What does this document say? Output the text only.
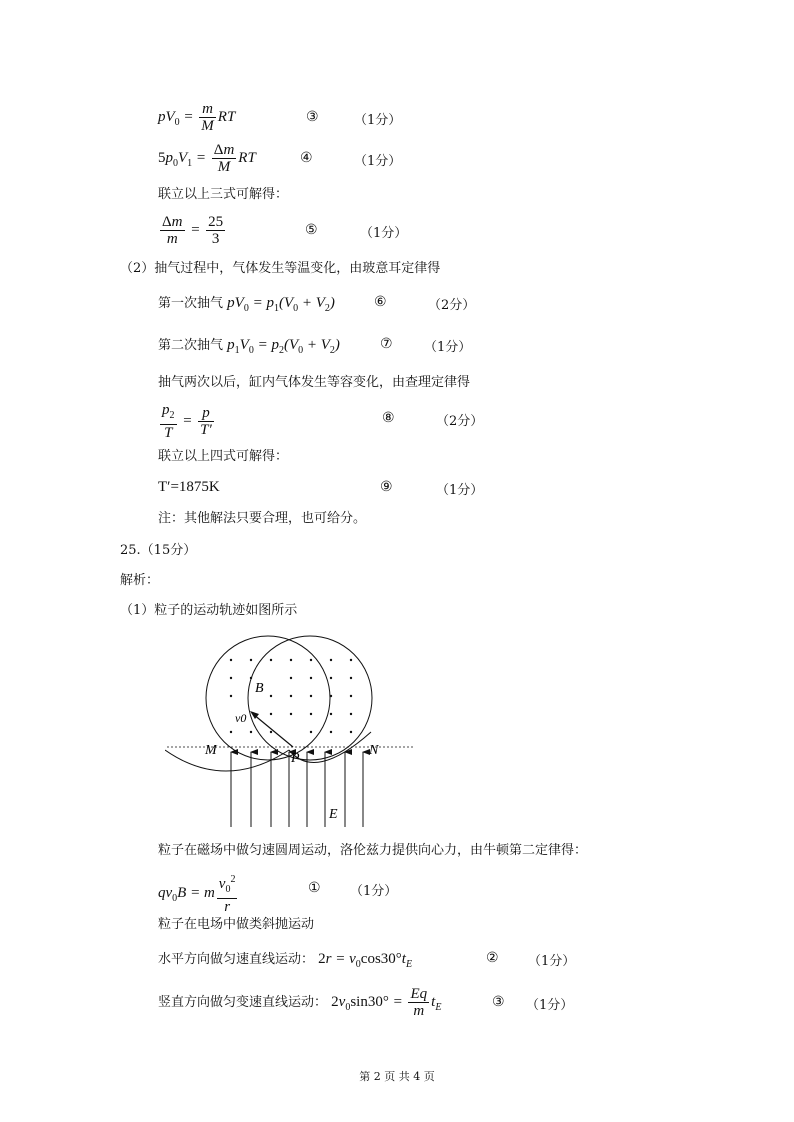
$pV_0 = \frac{m}{M}$ RT	③	（1分）
$5p_0V_1 = \frac{\Delta m}{M}$ RT	④	（1分）
联立以上三式可解得：
$\frac{\Delta m}{m} = \frac{25}{3}$	⑤	（1分）
（2）抽气过程中，气体发生等温变化，由玻意耳定律得
第一次抽气 $pV_0 = p_1(V_0 + V_2)$	⑥	（2分）
第二次抽气 $p_1V_0 = p_2(V_0 + V_2)$	⑦ （1分）
抽气两次以后，缸内气体发生等容变化，由查理定律得
$\frac{p_2}{T} = \frac{p}{T'}$	⑧	（2分）
联立以上四式可解得：
T′=1875K	⑨	（1分）
注：其他解法只要合理，也可给分。
25.（15分）
解析：
（1）粒子的运动轨迹如图所示
B
v0
M
P
N
E
粒子在磁场中做匀速圆周运动，洛伦兹力提供向心力，由牛顿第二定律得：
$qv_0B = m \frac{v_0^2}{r}$	① （1分）
粒子在电场中做类斜抛运动
水平方向做匀速直线运动： $2r = v_0\cos 30^\circ t_E$	② （1分）
竖直方向做匀变速直线运动： $2v_0\sin 30^\circ = \frac{Eq}{m} t_E$	③ （1分）
第 2 页 共 4 页
